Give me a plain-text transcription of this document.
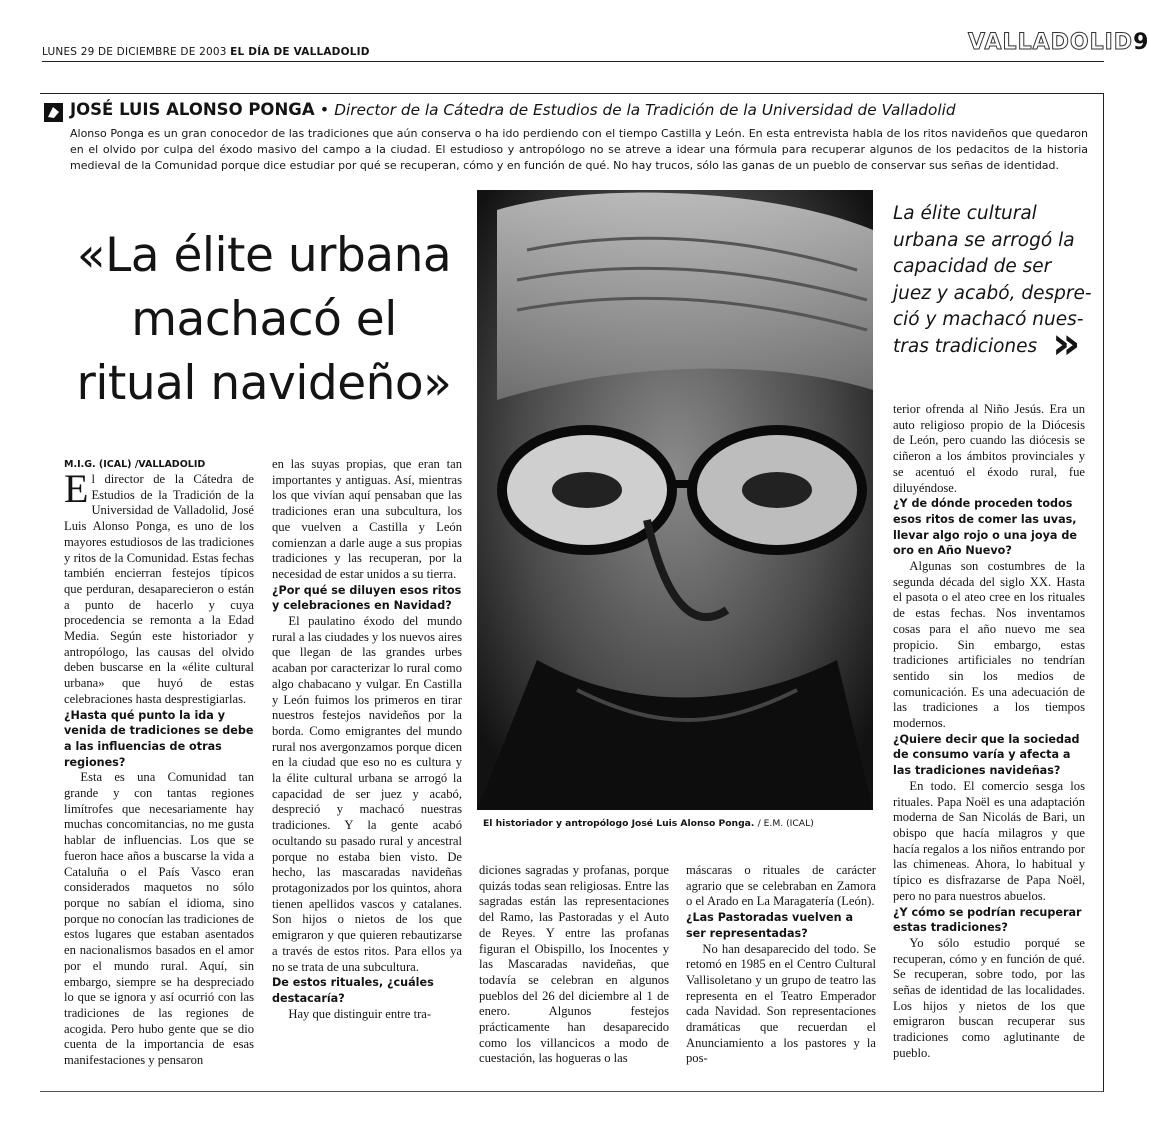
LUNES 29 DE DICIEMBRE DE 2003 EL DÍA DE VALLADOLID	VALLADOLID9
JOSÉ LUIS ALONSO PONGA • Director de la Cátedra de Estudios de la Tradición de la Universidad de Valladolid
Alonso Ponga es un gran conocedor de las tradiciones que aún conserva o ha ido perdiendo con el tiempo Castilla y León. En esta entrevista habla de los ritos navideños que quedaron en el olvido por culpa del éxodo masivo del campo a la ciudad. El estudioso y antropólogo no se atreve a idear una fórmula para recuperar algunos de los pedacitos de la historia medieval de la Comunidad porque dice estudiar por qué se recuperan, cómo y en función de qué. No hay trucos, sólo las ganas de un pueblo de conservar sus señas de identidad.
«La élite urbana
machacó el
ritual navideño»
El historiador y antropólogo José Luis Alonso Ponga. / E.M. (ICAL)
La élite cultural
urbana se arrogó la
capacidad de ser
juez y acabó, despre-
ció y machacó nues-
tras tradiciones »
M.I.G. (ICAL) /VALLADOLID

El director de la Cátedra de Estudios de la Tradición de la Universidad de Valladolid, José Luis Alonso Ponga, es uno de los mayores estudiosos de las tradiciones y ritos de la Comunidad. Estas fechas también encierran festejos típicos que perduran, desaparecieron o están a punto de hacerlo y cuya procedencia se remonta a la Edad Media. Según este historiador y antropólogo, las causas del olvido deben buscarse en la «élite cultural urbana» que huyó de estas celebraciones hasta desprestigiarlas.

¿Hasta qué punto la ida y venida de tradiciones se debe a las influencias de otras regiones?

Esta es una Comunidad tan grande y con tantas regiones limítrofes que necesariamente hay muchas concomitancias, no me gusta hablar de influencias. Los que se fueron hace años a buscarse la vida a Cataluña o el País Vasco eran considerados maquetos no sólo porque no sabían el idioma, sino porque no conocían las tradiciones de estos lugares que estaban asentados en nacionalismos basados en el amor por el mundo rural. Aquí, sin embargo, siempre se ha despreciado lo que se ignora y así ocurrió con las tradiciones de las regiones de acogida. Pero hubo gente que se dio cuenta de la importancia de esas manifestaciones y pensaron

en las suyas propias, que eran tan importantes y antiguas. Así, mientras los que vivían aquí pensaban que las tradiciones eran una subcultura, los que vuelven a Castilla y León comienzan a darle auge a sus propias tradiciones y las recuperan, por la necesidad de estar unidos a su tierra.

¿Por qué se diluyen esos ritos y celebraciones en Navidad?

El paulatino éxodo del mundo rural a las ciudades y los nuevos aires que llegan de las grandes urbes acaban por caracterizar lo rural como algo chabacano y vulgar. En Castilla y León fuimos los primeros en tirar nuestros festejos navideños por la borda. Como emigrantes del mundo rural nos avergonzamos porque dicen en la ciudad que eso no es cultura y la élite cultural urbana se arrogó la capacidad de ser juez y acabó, despreció y machacó nuestras tradiciones. Y la gente acabó ocultando su pasado rural y ancestral porque no estaba bien visto. De hecho, las mascaradas navideñas protagonizados por los quintos, ahora tienen apellidos vascos y catalanes. Son hijos o nietos de los que emigraron y que quieren rebautizarse a través de estos ritos. Para ellos ya no se trata de una subcultura.

De estos rituales, ¿cuáles destacaría?

Hay que distinguir entre tra-

diciones sagradas y profanas, porque quizás todas sean religiosas. Entre las sagradas están las representaciones del Ramo, las Pastoradas y el Auto de Reyes. Y entre las profanas figuran el Obispillo, los Inocentes y las Mascaradas navideñas, que todavía se celebran en algunos pueblos del 26 del diciembre al 1 de enero. Algunos festejos prácticamente han desaparecido como los villancicos a modo de cuestación, las hogueras o las

máscaras o rituales de carácter agrario que se celebraban en Zamora o el Arado en La Maragatería (León).

¿Las Pastoradas vuelven a ser representadas?

No han desaparecido del todo. Se retomó en 1985 en el Centro Cultural Vallisoletano y un grupo de teatro las representa en el Teatro Emperador cada Navidad. Son representaciones dramáticas que recuerdan el Anunciamiento a los pastores y la pos-

terior ofrenda al Niño Jesús. Era un auto religioso propio de la Diócesis de León, pero cuando las diócesis se ciñeron a los ámbitos provinciales y se acentuó el éxodo rural, fue diluyéndose.

¿Y de dónde proceden todos esos ritos de comer las uvas, llevar algo rojo o una joya de oro en Año Nuevo?

Algunas son costumbres de la segunda década del siglo XX. Hasta el pasota o el ateo cree en los rituales de estas fechas. Nos inventamos cosas para el año nuevo me sea propicio. Sin embargo, estas tradiciones artificiales no tendrían sentido sin los medios de comunicación. Es una adecuación de las tradiciones a los tiempos modernos.

¿Quiere decir que la sociedad de consumo varía y afecta a las tradiciones navideñas?

En todo. El comercio sesga los rituales. Papa Noël es una adaptación moderna de San Nicolás de Bari, un obispo que hacía milagros y que hacía regalos a los niños entrando por las chimeneas. Ahora, lo habitual y típico es disfrazarse de Papa Noël, pero no para nuestros abuelos.

¿Y cómo se podrían recuperar estas tradiciones?

Yo sólo estudio porqué se recuperan, cómo y en función de qué. Se recuperan, sobre todo, por las señas de identidad de las localidades. Los hijos y nietos de los que emigraron buscan recuperar sus tradiciones como aglutinante de pueblo.
